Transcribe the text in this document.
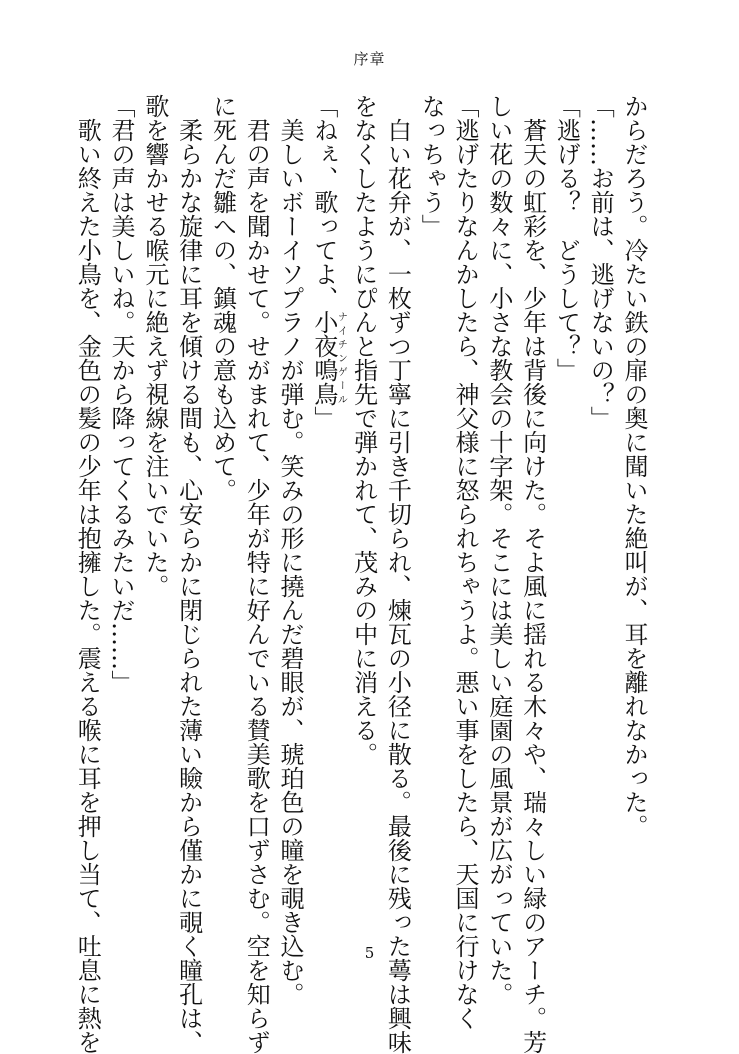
序章
からだろう。冷たい鉄の扉の奥に聞いた絶叫が、耳を離れなかった。
「……お前は、逃げないの？」
「逃げる？　どうして？」
　蒼天の虹彩を、少年は背後に向けた。そよ風に揺れる木々や、瑞々しい緑のアーチ。芳
しい花の数々に、小さな教会の十字架。そこには美しい庭園の風景が広がっていた。
「逃げたりなんかしたら、神父様に怒られちゃうよ。悪い事をしたら、天国に行けなく
なっちゃう」
　白い花弁が、一枚ずつ丁寧に引き千切られ、煉瓦の小径に散る。最後に残った蕚は興味
をなくしたようにぴんと指先で弾かれて、茂みの中に消える。
「ねぇ、歌ってよ、小夜鳴鳥ナイチンゲール」
　美しいボーイソプラノが弾む。笑みの形に撓んだ碧眼が、琥珀色の瞳を覗き込む。
　君の声を聞かせて。せがまれて、少年が特に好んでいる賛美歌を口ずさむ。空を知らず
に死んだ雛への、鎮魂の意も込めて。
　柔らかな旋律に耳を傾ける間も、心安らかに閉じられた薄い瞼から僅かに覗く瞳孔は、
歌を響かせる喉元に絶えず視線を注いでいた。
「君の声は美しいね。天から降ってくるみたいだ……」
　歌い終えた小鳥を、金色の髪の少年は抱擁した。震える喉に耳を押し当て、吐息に熱を	5
